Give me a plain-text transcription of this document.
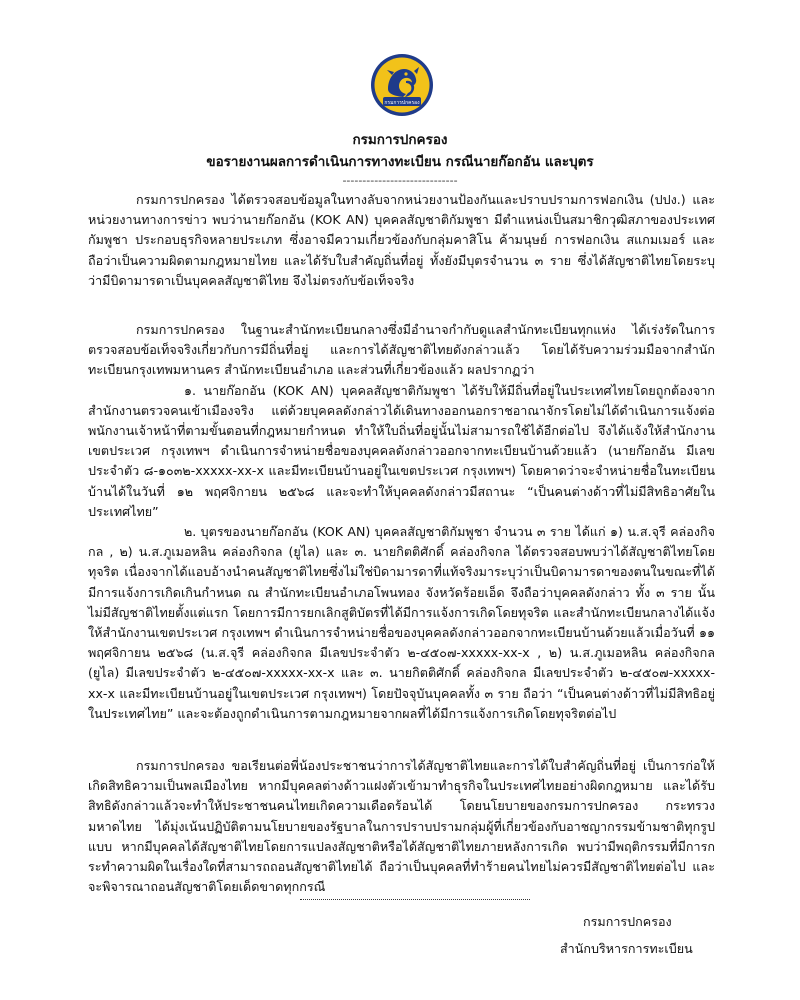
กรมการปกครอง
กรมการปกครอง
ขอรายงานผลการดำเนินการทางทะเบียน กรณีนายก๊อกอัน และบุตร
-----------------------------

กรมการปกครอง ได้ตรวจสอบข้อมูลในทางลับจากหน่วยงานป้องกันและปราบปรามการฟอกเงิน (ปปง.) และหน่วยงานทางการข่าว พบว่านายก๊อกอัน (KOK AN) บุคคลสัญชาติกัมพูชา มีตำแหน่งเป็นสมาชิกวุฒิสภาของประเทศกัมพูชา ประกอบธุรกิจหลายประเภท ซึ่งอาจมีความเกี่ยวข้องกับกลุ่มคาสิโน ค้ามนุษย์ การฟอกเงิน สแกมเมอร์ และถือว่าเป็นความผิดตามกฎหมายไทย และได้รับใบสำคัญถิ่นที่อยู่ ทั้งยังมีบุตรจำนวน ๓ ราย ซึ่งได้สัญชาติไทยโดยระบุว่ามีบิดามารดาเป็นบุคคลสัญชาติไทย จึงไม่ตรงกับข้อเท็จจริง

กรมการปกครอง ในฐานะสำนักทะเบียนกลางซึ่งมีอำนาจกำกับดูแลสำนักทะเบียนทุกแห่ง ได้เร่งรัดในการตรวจสอบข้อเท็จจริงเกี่ยวกับการมีถิ่นที่อยู่ และการได้สัญชาติไทยดังกล่าวแล้ว โดยได้รับความร่วมมือจากสำนักทะเบียนกรุงเทพมหานคร สำนักทะเบียนอำเภอ และส่วนที่เกี่ยวข้องแล้ว ผลปรากฏว่า

๑. นายก๊อกอัน (KOK AN) บุคคลสัญชาติกัมพูชา ได้รับให้มีถิ่นที่อยู่ในประเทศไทยโดยถูกต้องจากสำนักงานตรวจคนเข้าเมืองจริง แต่ด้วยบุคคลดังกล่าวได้เดินทางออกนอกราชอาณาจักรโดยไม่ได้ดำเนินการแจ้งต่อพนักงานเจ้าหน้าที่ตามขั้นตอนที่กฎหมายกำหนด ทำให้ใบถิ่นที่อยู่นั้นไม่สามารถใช้ได้อีกต่อไป จึงได้แจ้งให้สำนักงานเขตประเวศ กรุงเทพฯ ดำเนินการจำหน่ายชื่อของบุคคลดังกล่าวออกจากทะเบียนบ้านด้วยแล้ว (นายก๊อกอัน มีเลขประจำตัว ๘-๑๐๓๒-xxxxx-xx-x และมีทะเบียนบ้านอยู่ในเขตประเวศ กรุงเทพฯ) โดยคาดว่าจะจำหน่ายชื่อในทะเบียนบ้านได้ในวันที่ ๑๒ พฤศจิกายน ๒๕๖๘ และจะทำให้บุคคลดังกล่าวมีสถานะ “เป็นคนต่างด้าวที่ไม่มีสิทธิอาศัยในประเทศไทย”

๒. บุตรของนายก๊อกอัน (KOK AN) บุคคลสัญชาติกัมพูชา จำนวน ๓ ราย ได้แก่ ๑) น.ส.จุรี คล่องกิจกล , ๒) น.ส.ภูเมอหลิน คล่องกิจกล (ยูไล) และ ๓. นายกิตติศักดิ์ คล่องกิจกล ได้ตรวจสอบพบว่าได้สัญชาติไทยโดยทุจริต เนื่องจากได้แอบอ้างนำคนสัญชาติไทยซึ่งไม่ใช่บิดามารดาที่แท้จริงมาระบุว่าเป็นบิดามารดาของตนในขณะที่ได้มีการแจ้งการเกิดเกินกำหนด ณ สำนักทะเบียนอำเภอโพนทอง จังหวัดร้อยเอ็ด จึงถือว่าบุคคลดังกล่าว ทั้ง ๓ ราย นั้นไม่มีสัญชาติไทยตั้งแต่แรก โดยการมีการยกเลิกสูติบัตรที่ได้มีการแจ้งการเกิดโดยทุจริต และสำนักทะเบียนกลางได้แจ้งให้สำนักงานเขตประเวศ กรุงเทพฯ ดำเนินการจำหน่ายชื่อของบุคคลดังกล่าวออกจากทะเบียนบ้านด้วยแล้วเมื่อวันที่ ๑๑ พฤศจิกายน ๒๕๖๘ (น.ส.จุรี คล่องกิจกล มีเลขประจำตัว ๒-๔๕๐๗-xxxxx-xx-x , ๒) น.ส.ภูเมอหลิน คล่องกิจกล (ยูไล) มีเลขประจำตัว ๒-๔๕๐๗-xxxxx-xx-x และ ๓. นายกิตติศักดิ์ คล่องกิจกล มีเลขประจำตัว ๒-๔๕๐๗-xxxxx-xx-x และมีทะเบียนบ้านอยู่ในเขตประเวศ กรุงเทพฯ) โดยปัจจุบันบุคคลทั้ง ๓ ราย ถือว่า “เป็นคนต่างด้าวที่ไม่มีสิทธิอยู่ในประเทศไทย” และจะต้องถูกดำเนินการตามกฎหมายจากผลที่ได้มีการแจ้งการเกิดโดยทุจริตต่อไป

กรมการปกครอง ขอเรียนต่อพี่น้องประชาชนว่าการได้สัญชาติไทยและการได้ใบสำคัญถิ่นที่อยู่ เป็นการก่อให้เกิดสิทธิความเป็นพลเมืองไทย หากมีบุคคลต่างด้าวแฝงตัวเข้ามาทำธุรกิจในประเทศไทยอย่างผิดกฎหมาย และได้รับสิทธิดังกล่าวแล้วจะทำให้ประชาชนคนไทยเกิดความเดือดร้อนได้ โดยนโยบายของกรมการปกครอง กระทรวงมหาดไทย ได้มุ่งเน้นปฏิบัติตามนโยบายของรัฐบาลในการปราบปรามกลุ่มผู้ที่เกี่ยวข้องกับอาชญากรรมข้ามชาติทุกรูปแบบ หากมีบุคคลได้สัญชาติไทยโดยการแปลงสัญชาติหรือได้สัญชาติไทยภายหลังการเกิด พบว่ามีพฤติกรรมที่มีการกระทำความผิดในเรื่องใดที่สามารถถอนสัญชาติไทยได้ ถือว่าเป็นบุคคลที่ทำร้ายคนไทยไม่ควรมีสัญชาติไทยต่อไป และจะพิจารณาถอนสัญชาติโดยเด็ดขาดทุกกรณี

กรมการปกครอง
สำนักบริหารการทะเบียน
